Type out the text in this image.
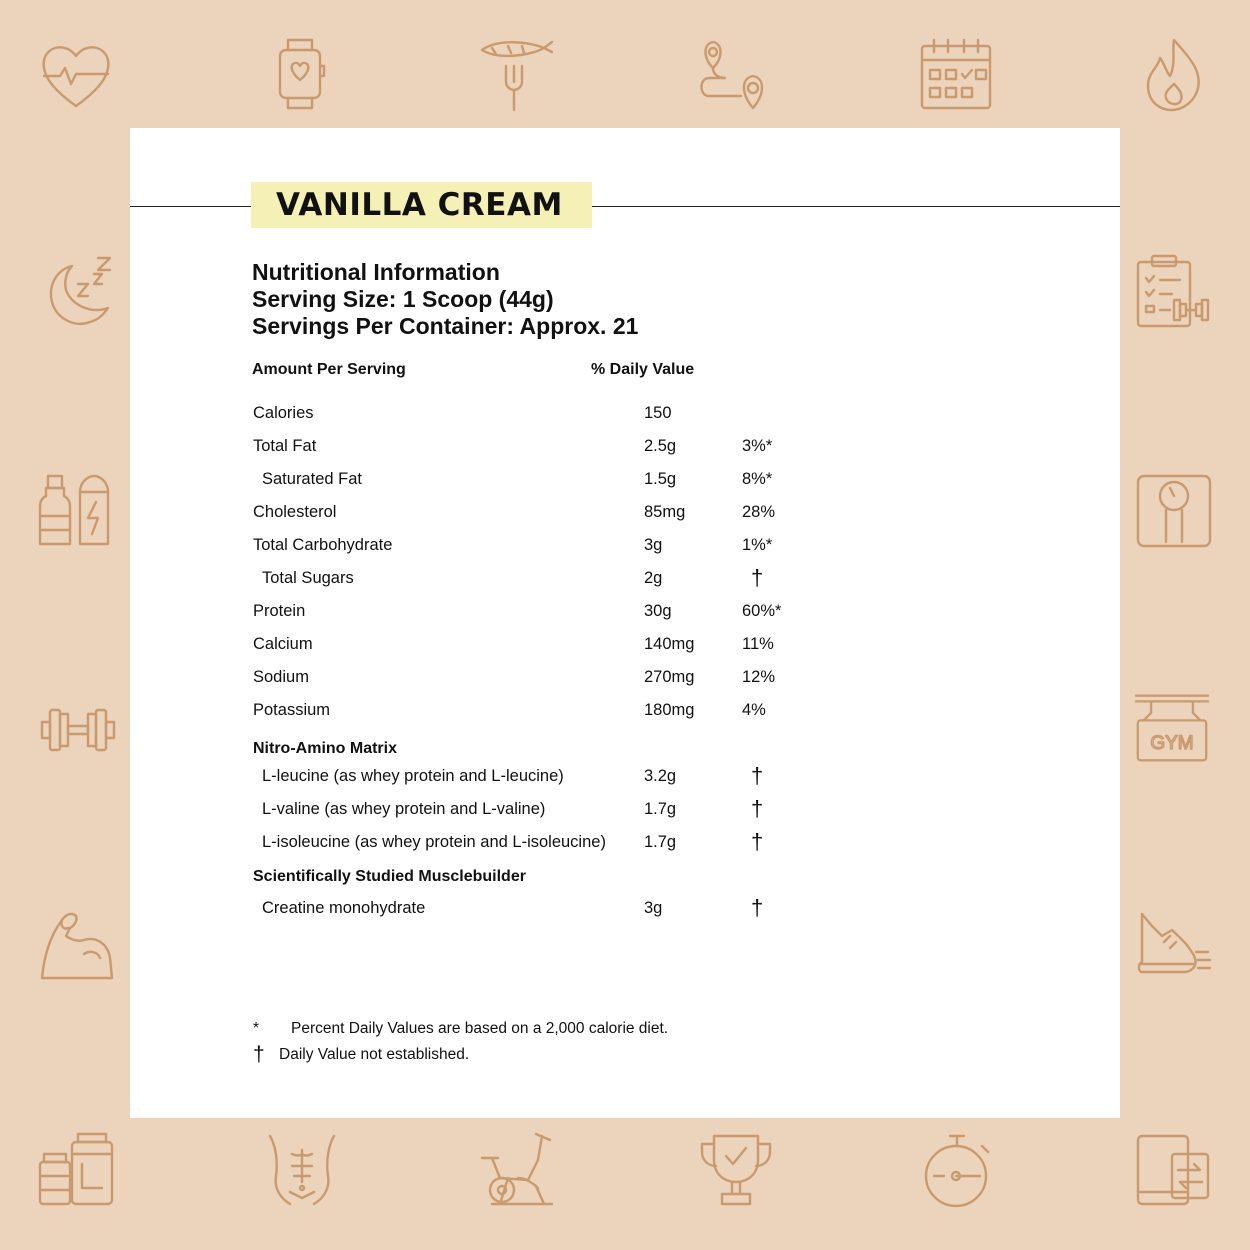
GYM
VANILLA CREAM
Nutritional Information
Serving Size: 1 Scoop (44g)
Servings Per Container: Approx. 21
Amount Per Serving	% Daily Value
Calories	150
Total Fat	2.5g	3%*
Saturated Fat	1.5g	8%*
Cholesterol	85mg	28%
Total Carbohydrate	3g	1%*
Total Sugars	2g	†
Protein	30g	60%*
Calcium	140mg	11%
Sodium	270mg	12%
Potassium	180mg	4%
Nitro-Amino Matrix
L-leucine (as whey protein and L-leucine)	3.2g	†
L-valine (as whey protein and L-valine)	1.7g	†
L-isoleucine (as whey protein and L-isoleucine) 1.7g	†
Scientifically Studied Musclebuilder
Creatine monohydrate	3g	†
* Percent Daily Values are based on a 2,000 calorie diet.
† Daily Value not established.
